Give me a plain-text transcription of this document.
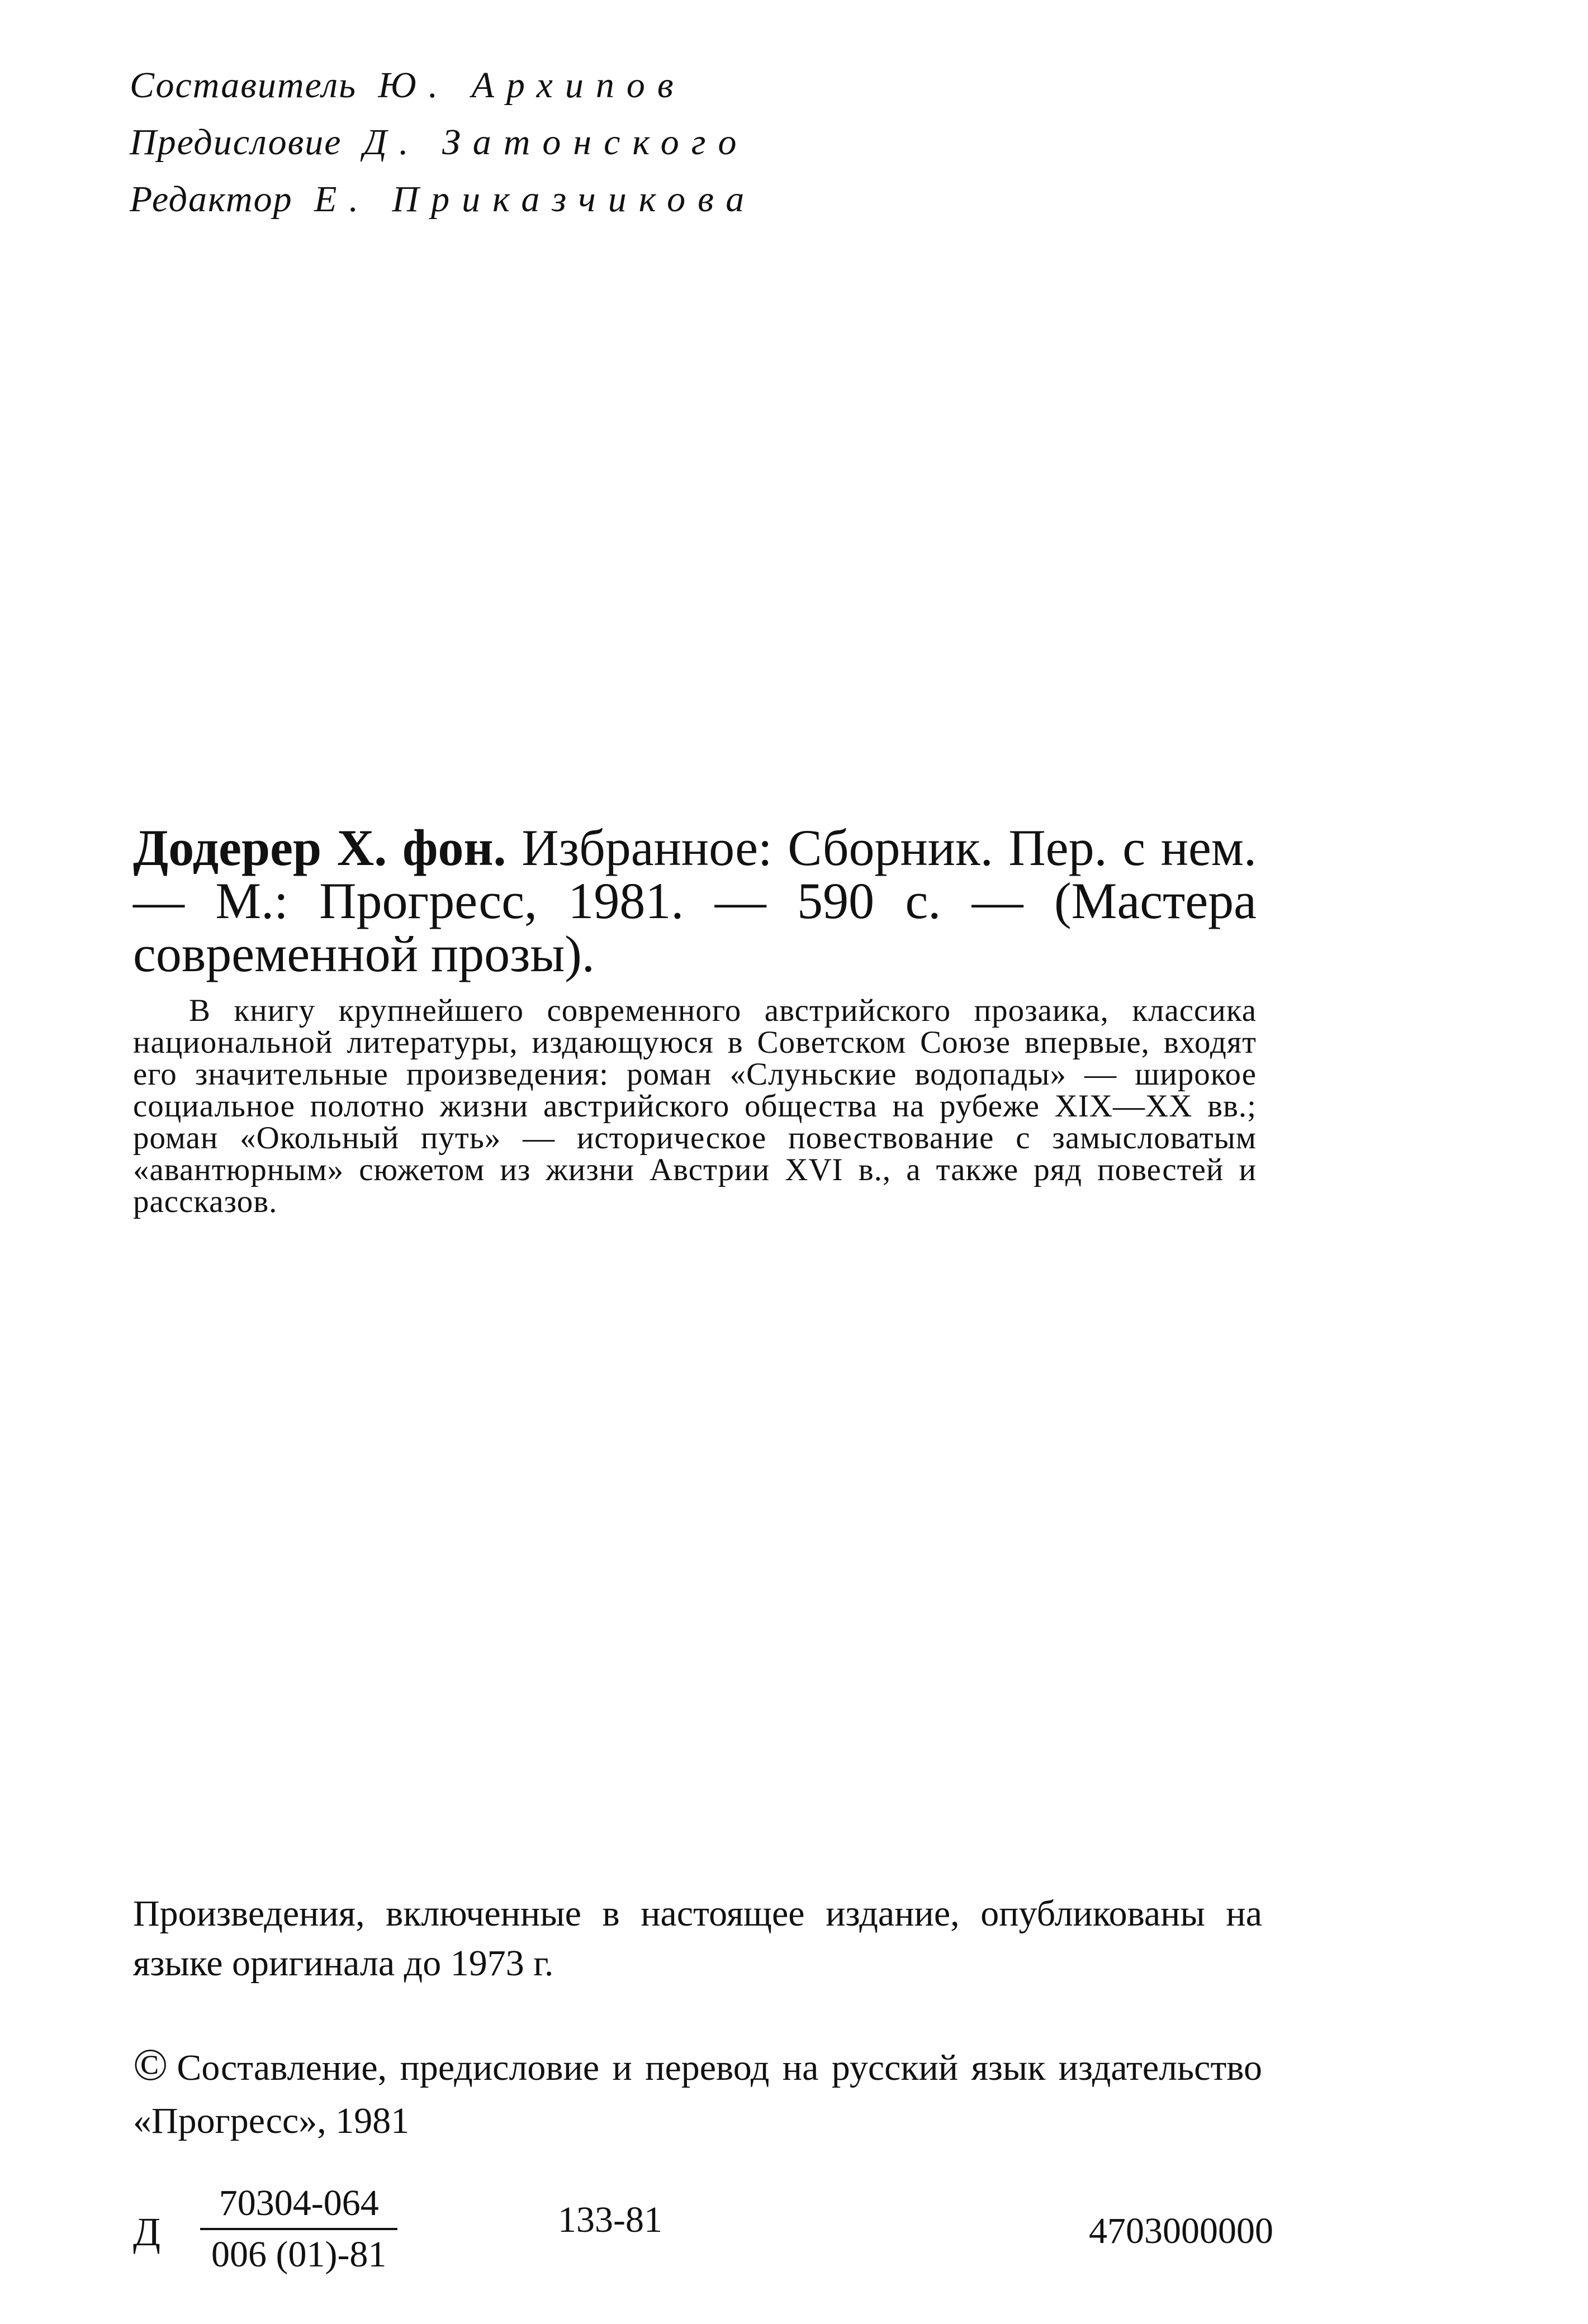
Составитель Ю. Архипов
Предисловие Д. Затонского
Редактор Е. Приказчикова
Додерер Х. фон. Избранное: Сборник. Пер. с нем. — М.: Прогресс, 1981. — 590 с. — (Мастера современной прозы).
В книгу крупнейшего современного австрийского прозаика, классика национальной литературы, издающуюся в Советском Союзе впервые, входят его значительные произведения: роман «Слуньские водопады» — широкое социальное полотно жизни австрийского общества на рубеже XIX—XX вв.; роман «Окольный путь» — историческое повествование с замысловатым «авантюрным» сюжетом из жизни Австрии XVI в., а также ряд повестей и рассказов.
Произведения, включенные в настоящее издание, опубликованы на языке оригинала до 1973 г.
© Составление, предисловие и перевод на русский язык издательство «Прогресс», 1981
Д $\frac{70304-064}{006 (01)-81}$	133-81	4703000000
